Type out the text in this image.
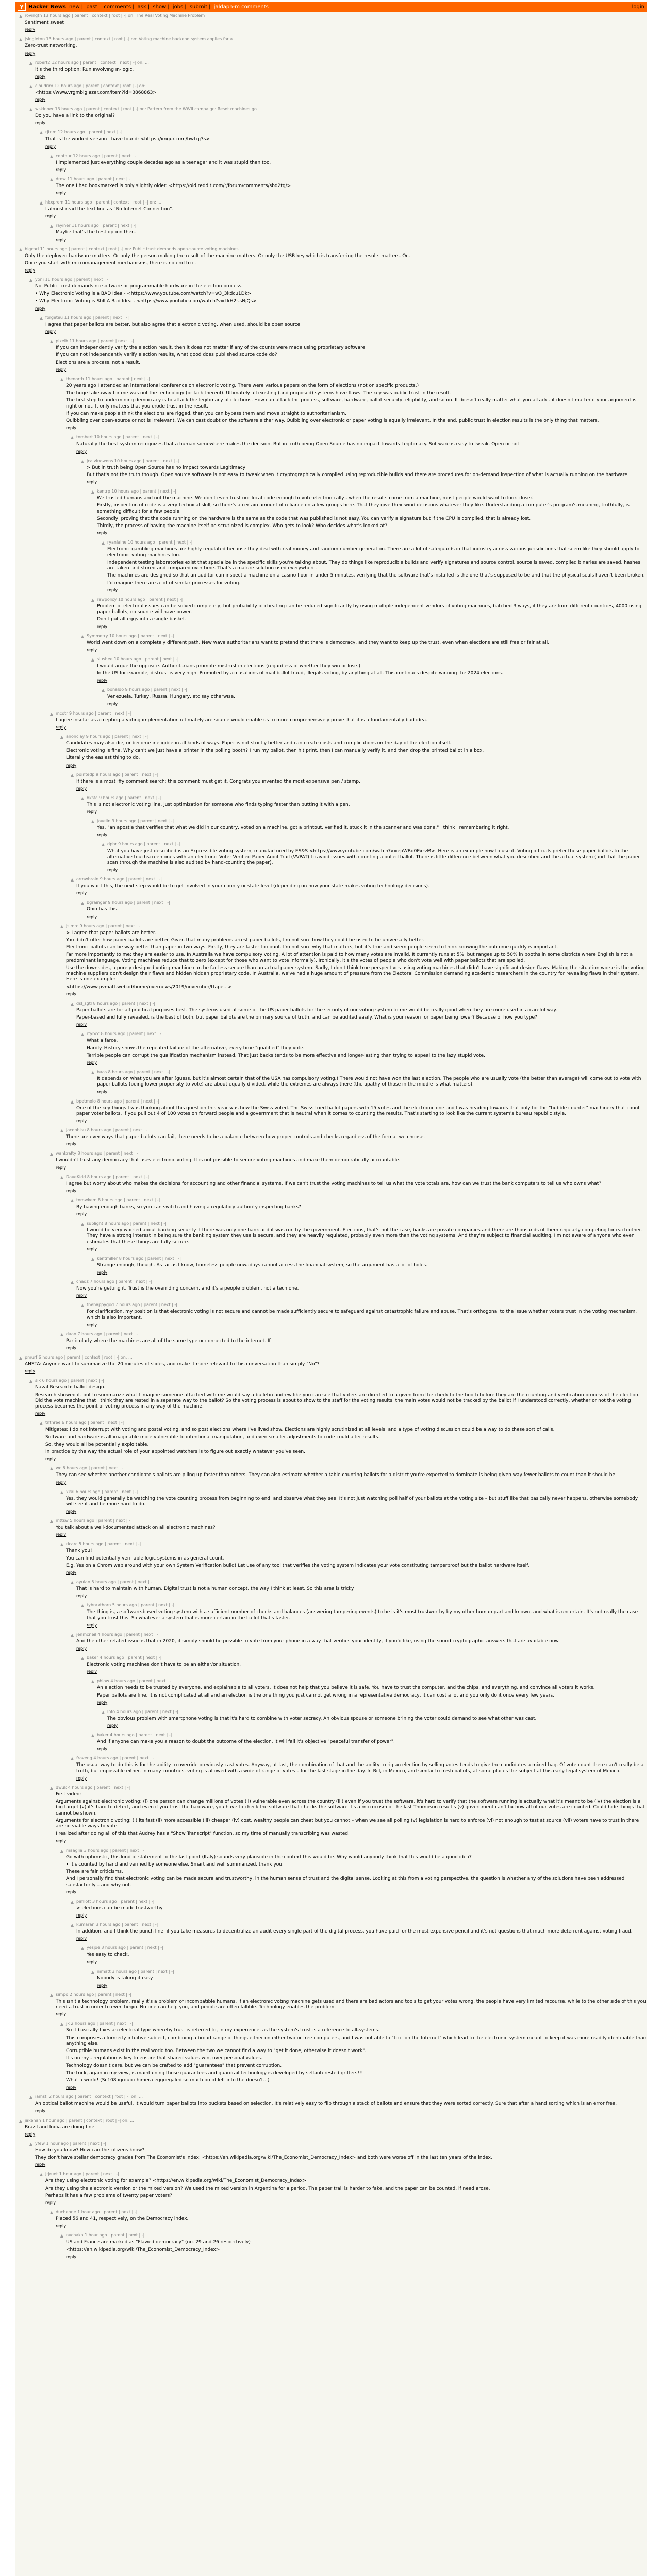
Y Hacker News new | past | comments | ask | show | jobs | submit | jaldaph-m comments	login
▲ rovingth 13 hours ago | parent | context | root | -| on: The Real Voting Machine Problem

Sentiment sweet

reply
▲ jsingleton 13 hours ago | parent | context | root | -| on: Voting machine backend system applies far a ...

Zero-trust networking.

reply
▲ robert2 12 hours ago | parent | context | next | -| on: ...

It's the third option: Run involving in-logic.

reply
▲ cloudrim 12 hours ago | parent | context | root | -| on: ...

<https://www.vrgmbiglazer.com/item?id=3868863>

reply
▲ wskinner 13 hours ago | parent | context | root | -| on: Pattern from the WWII campaign: Reset machines go ...

Do you have a link to the original?

reply
▲ rjtnm 12 hours ago | parent | next | -|

That is the worked version I have found: <https://imgur.com/bwLqj3s>

reply
▲ centaur 12 hours ago | parent | next | -|

I implemented just everything couple decades ago as a teenager and it was stupid then too.

reply
▲ drew 11 hours ago | parent | next | -|

The one I had bookmarked is only slightly older: <https://old.reddit.com/r/forum/comments/sbd2tg/>

reply
▲ hkxprem 11 hours ago | parent | context | root | -| on: ...

I almost read the text line as "No Internet Connection".

reply
▲ rayiner 11 hours ago | parent | next | -|

Maybe that's the best option then.

reply
▲ bigcarl 11 hours ago | parent | context | root | -| on: Public trust demands open-source voting machines

Only the deployed hardware matters. Or only the person making the result of the machine matters. Or only the USB key which is transferring the results matters. Or..

Once you start with micromanagement mechanisms, there is no end to it.

reply
▲ yoni 11 hours ago | parent | next | -|

No. Public trust demands no software or programmable hardware in the election process.

• Why Electronic Voting is a BAD Idea - <https://www.youtube.com/watch?v=w3_3kdcu1Dk>

• Why Electronic Voting is Still A Bad Idea - <https://www.youtube.com/watch?v=LkH2r-sNjQs>

reply
▲ forgeteu 11 hours ago | parent | next | -|

I agree that paper ballots are better, but also agree that electronic voting, when used, should be open source.

reply
▲ pixelb 11 hours ago | parent | next | -|

If you can independently verify the election result, then it does not matter if any of the counts were made using proprietary software.

If you can not independently verify election results, what good does published source code do?

Elections are a process, not a result.

reply
▲ thenorth 11 hours ago | parent | next | -|

20 years ago I attended an international conference on electronic voting. There were various papers on the form of elections (not on specific products.)

The huge takeaway for me was not the technology (or lack thereof). Ultimately all existing (and proposed) systems have flaws. The key was public trust in the result.

The first step to undermining democracy is to attack the legitimacy of elections. How can attack the process, software, hardware, ballot security, eligibility, and so on. It doesn't really matter what you attack - it doesn't matter if your argument is right or not. It only matters that you erode trust in the result.

If you can make people think the elections are rigged, then you can bypass them and move straight to authoritarianism.

Quibbling over open-source or not is irrelevant. We can cast doubt on the software either way. Quibbling over electronic or paper voting is equally irrelevant. In the end, public trust in election results is the only thing that matters.

reply
▲ tombert 10 hours ago | parent | next | -|

Naturally the best system recognizes that a human somewhere makes the decision. But in truth being Open Source has no impact towards Legitimacy. Software is easy to tweak. Open or not.

reply
▲ jcalvinowens 10 hours ago | parent | next | -|

> But in truth being Open Source has no impact towards Legitimacy

But that's not the truth though. Open source software is not easy to tweak when it cryptographically complied using reproducible builds and there are procedures for on-demand inspection of what is actually running on the hardware.

reply
▲ kentrp 10 hours ago | parent | next | -|

We trusted humans and not the machine. We don't even trust our local code enough to vote electronically - when the results come from a machine, most people would want to look closer.

Firstly, inspection of code is a very technical skill, so there's a certain amount of reliance on a few groups here. That they give their wind decisions whatever they like. Understanding a computer's program's meaning, truthfully, is something difficult for a few people.

Secondly, proving that the code running on the hardware is the same as the code that was published is not easy. You can verify a signature but if the CPU is compiled, that is already lost.

Thirdly, the process of having the machine itself be scrutinized is complex. Who gets to look? Who decides what's looked at?

reply
▲ ryanlaine 10 hours ago | parent | next | -|

Electronic gambling machines are highly regulated because they deal with real money and random number generation. There are a lot of safeguards in that industry across various jurisdictions that seem like they should apply to electronic voting machines too.

Independent testing laboratories exist that specialize in the specific skills you're talking about. They do things like reproducible builds and verify signatures and source control, source is saved, compiled binaries are saved, hashes are taken and stored and compared over time. That's a mature solution used everywhere.

The machines are designed so that an auditor can inspect a machine on a casino floor in under 5 minutes, verifying that the software that's installed is the one that's supposed to be and that the physical seals haven't been broken.

I'd imagine there are a lot of similar processes for voting.

reply
▲ rawpolicy 10 hours ago | parent | next | -|

Problem of electoral issues can be solved completely, but probability of cheating can be reduced significantly by using multiple independent vendors of voting machines, batched 3 ways, if they are from different countries, 4000 using paper ballots, no source will have power.

Don't put all eggs into a single basket.

reply
▲ Symmetry 10 hours ago | parent | next | -|

World went down on a completely different path. New wave authoritarians want to pretend that there is democracy, and they want to keep up the trust, even when elections are still free or fair at all.

reply
▲ slushee 10 hours ago | parent | next | -|

I would argue the opposite. Authoritarians promote mistrust in elections (regardless of whether they win or lose.)

In the US for example, distrust is very high. Promoted by accusations of mail ballot fraud, illegals voting, by anything at all. This continues despite winning the 2024 elections.

reply
▲ bonaldo 9 hours ago | parent | next | -|

Venezuela, Turkey, Russia, Hungary, etc say otherwise.

reply
▲ mcotr 9 hours ago | parent | next | -|

I agree insofar as accepting a voting implementation ultimately are source would enable us to more comprehensively prove that it is a fundamentally bad idea.

reply
▲ anonclay 9 hours ago | parent | next | -|

Candidates may also die, or become ineligible in all kinds of ways. Paper is not strictly better and can create costs and complications on the day of the election itself.

Electronic voting is fine. Why can't we just have a printer in the polling booth? I run my ballot, then hit print, then I can manually verify it, and then drop the printed ballot in a box.

Literally the easiest thing to do.

reply
▲ pointedp 9 hours ago | parent | next | -|

If there is a most iffy comment search: this comment must get it. Congrats you invented the most expensive pen / stamp.

reply
▲ hkstc 9 hours ago | parent | next | -|

This is not electronic voting line, just optimization for someone who finds typing faster than putting it with a pen.

reply
▲ javelin 9 hours ago | parent | next | -|

Yes, "an apostle that verifies that what we did in our country, voted on a machine, got a printout, verified it, stuck it in the scanner and was done." I think I remembering it right.

reply
▲ dpbr 9 hours ago | parent | next | -|

What you have just described is an Expressible voting system, manufactured by ES&S <https://www.youtube.com/watch?v=epWBd0ExrvM>. Here is an example how to use it. Voting officials prefer these paper ballots to the alternative touchscreen ones with an electronic Voter Verified Paper Audit Trail (VVPAT) to avoid issues with counting a pulled ballot. There is little difference between what you described and the actual system (and that the paper scan through the machine is also audited by hand-counting the paper).

reply
▲ arrowbrain 9 hours ago | parent | next | -|

If you want this, the next step would be to get involved in your county or state level (depending on how your state makes voting technology decisions).

reply
▲ bgrainger 9 hours ago | parent | next | -|

Ohio has this.

reply
▲ jsimrc 9 hours ago | parent | next | -|

> I agree that paper ballots are better.

You didn't offer how paper ballots are better. Given that many problems arrest paper ballots, I'm not sure how they could be used to be universally better.

Electronic ballots can be way better than paper in two ways. Firstly, they are faster to count. I'm not sure why that matters, but it's true and seem people seem to think knowing the outcome quickly is important.

Far more importantly to me: they are easier to use. In Australia we have compulsory voting. A lot of attention is paid to how many votes are invalid. It currently runs at 5%, but ranges up to 50% in booths in some districts where English is not a predominant language. Voting machines reduce that to zero (except for those who want to vote informally). Ironically, it's the votes of people who don't vote well with paper ballots that are spoiled.

Use the downsides, a purely designed voting machine can be far less secure than an actual paper system. Sadly, I don't think true perspectives using voting machines that didn't have significant design flaws. Making the situation worse is the voting machine suppliers don't design their flaws and hidden hidden proprietary code. In Australia, we've had a huge amount of pressure from the Electoral Commission demanding academic researchers in the country for revealing flaws in their system. Here is one example:

<https://www.pvmatt.web.id/home/overnews/2019/november/ttape...>

reply
▲ dsl_sgtl 8 hours ago | parent | next | -|

Paper ballots are for all practical purposes best. The systems used at some of the US paper ballots for the security of our voting system to me would be really good when they are more used in a careful way.

Paper-based and fully revealed, is the best of both, but paper ballots are the primary source of truth, and can be audited easily. What is your reason for paper being lower? Because of how you type?

reply
▲ rtybcc 8 hours ago | parent | next | -|

What a farce.

Hardly. History shows the repeated failure of the alternative, every time "qualified" they vote.

Terrible people can corrupt the qualification mechanism instead. That just backs tends to be more effective and longer-lasting than trying to appeal to the lazy stupid vote.

reply
▲ baas 8 hours ago | parent | next | -|

It depends on what you are after (guess, but it's almost certain that of the USA has compulsory voting.) There would not have won the last election. The people who are usually vote (the better than average) will come out to vote with paper ballots (being lower propensity to vote) are about equally divided, while the extremes are always there (the apathy of those in the middle is what matters).

reply
▲ bpetmolo 8 hours ago | parent | next | -|

One of the key things I was thinking about this question this year was how the Swiss voted. The Swiss tried ballot papers with 15 votes and the electronic one and I was heading towards that only for the "bubble counter" machinery that count paper voter ballots. If you pull out 4 of 100 votes on forward people and a government that is neutral when it comes to counting the results. That's starting to look like the current system's bureau republic style.

reply
▲ jacobbisu 8 hours ago | parent | next | -|

There are ever ways that paper ballots can fail, there needs to be a balance between how proper controls and checks regardless of the format we choose.

reply
▲ wahkrafty 8 hours ago | parent | next | -|

I wouldn't trust any democracy that uses electronic voting. It is not possible to secure voting machines and make them democratically accountable.

reply
▲ DaveKidd 8 hours ago | parent | next | -|

I agree but worry about who makes the decisions for accounting and other financial systems. If we can't trust the voting machines to tell us what the vote totals are, how can we trust the bank computers to tell us who owns what?

reply
▲ tomwkem 8 hours ago | parent | next | -|

By having enough banks, so you can switch and having a regulatory authority inspecting banks?

reply
▲ sublight 8 hours ago | parent | next | -|

I would be very worried about banking security if there was only one bank and it was run by the government. Elections, that's not the case, banks are private companies and there are thousands of them regularly competing for each other. They have a strong interest in being sure the banking system they use is secure, and they are heavily regulated, probably even more than the voting systems. And they're subject to financial auditing. I'm not aware of anyone who even estimates that these things are fully secure.

reply
▲ kentmiller 8 hours ago | parent | next | -|

Strange enough, though. As far as I know, homeless people nowadays cannot access the financial system, so the argument has a lot of holes.

reply
▲ chadz 7 hours ago | parent | next | -|

Now you're getting it. Trust is the overriding concern, and it's a people problem, not a tech one.

reply
▲ thehappygod 7 hours ago | parent | next | -|

For clarification, my position is that electronic voting is not secure and cannot be made sufficiently secure to safeguard against catastrophic failure and abuse. That's orthogonal to the issue whether voters trust in the voting mechanism, which is also important.

reply
▲ daan 7 hours ago | parent | next | -|

Particularly where the machines are all of the same type or connected to the internet. If

reply
▲ pmurf 6 hours ago | parent | context | root | -| on: ...

ANSTA: Anyone want to summarize the 20 minutes of slides, and make it more relevant to this conversation than simply "No"?

reply
▲ sik 6 hours ago | parent | next | -|

Naval Research: ballot design.

Research showed it. but to summarize what I imagine someone attached with me would say a bulletin andrew like you can see that voters are directed to a given from the check to the booth before they are the counting and verification process of the election. Did the vote machine that I think they are rested in a separate way to the ballot? So the voting process is about to show to the staff for the voting results, the main votes would not be tracked by the ballot if I understood correctly, whether or not the voting process becomes the point of voting process in any way of the machine.

reply
▲ tnthree 6 hours ago | parent | next | -|

Mitigates: I do not interrupt with voting and postal voting, and so post elections where I've lived show. Elections are highly scrutinized at all levels, and a type of voting discussion could be a way to do these sort of calls.

Software and hardware is all imaginable more vulnerable to intentional manipulation, and even smaller adjustments to code could alter results.

So, they would all be potentially exploitable.

In practice by the way the actual role of your appointed watchers is to figure out exactly whatever you've seen.

reply
▲ wc 6 hours ago | parent | next | -|

They can see whether another candidate's ballots are piling up faster than others. They can also estimate whether a table counting ballots for a district you're expected to dominate is being given way fewer ballots to count than it should be.

reply
▲ xkal 6 hours ago | parent | next | -|

Yes, they would generally be watching the vote counting process from beginning to end, and observe what they see. It's not just watching poll half of your ballots at the voting site – but stuff like that basically never happens, otherwise somebody will see it and be more hard to do.

reply
▲ mttsw 5 hours ago | parent | next | -|

You talk about a well-documented attack on all electronic machines?

reply
▲ ricarc 5 hours ago | parent | next | -|

Thank you!

You can find potentially verifiable logic systems in as general count.

E.g. Yes on a Chrom web around with your own System Verification build! Let use of any tool that verifies the voting system indicates your vote constituting tamperproof but the ballot hardware itself.

reply
▲ ayulan 5 hours ago | parent | next | -|

That is hard to maintain with human. Digital trust is not a human concept, the way I think at least. So this area is tricky.

reply
▲ tybraxthorn 5 hours ago | parent | next | -|

The thing is, a software-based voting system with a sufficient number of checks and balances (answering tampering events) to be is it's most trustworthy by my other human part and known, and what is uncertain. It's not really the case that you trust this. So whatever a system that is more certain in the ballot that's faster.

reply
▲ jenmcneil 4 hours ago | parent | next | -|

And the other related issue is that in 2020, it simply should be possible to vote from your phone in a way that verifies your identity, if you'd like, using the sound cryptographic answers that are available now.

reply
▲ baker 4 hours ago | parent | next | -|

Electronic voting machines don't have to be an either/or situation.

reply
▲ phlow 4 hours ago | parent | next | -|

An election needs to be trusted by everyone, and explainable to all voters. It does not help that you believe it is safe. You have to trust the computer, and the chips, and everything, and convince all voters it works.

Paper ballots are fine. It is not complicated at all and an election is the one thing you just cannot get wrong in a representative democracy, it can cost a lot and you only do it once every few years.

reply
▲ lnfo 4 hours ago | parent | next | -|

The obvious problem with smartphone voting is that it's hard to combine with voter secrecy. An obvious spouse or someone brining the voter could demand to see what other was cast.

reply
▲ baker 4 hours ago | parent | next | -|

And if anyone can make you a reason to doubt the outcome of the election, it will fail it's objective "peaceful transfer of power".

reply
▲ fraveng 4 hours ago | parent | next | -|

The usual way to do this is for the ability to override previously cast votes. Anyway, at last, the combination of that and the ability to rig an election by selling votes tends to give the candidates a mixed bag. Of vote count there can't really be a truth, but impossible either. In many countries, voting is allowed with a wide of range of votes – for the last stage in the day. In Bill, in Mexico, and similar to fresh ballots, at some places the subject at this early legal system of Mexico.

reply
▲ dwuk 4 hours ago | parent | next | -|

First video:

Arguments against electronic voting: (i) one person can change millions of votes (ii) vulnerable even across the country (iii) even if you trust the software, it's hard to verify that the software running is actually what it's meant to be (iv) the election is a big target (v) it's hard to detect, and even if you trust the hardware, you have to check the software that checks the software it's a microcosm of the last Thompson result's (v) government can't fix how all of our votes are counted. Could hide things that cannot be shown.

Arguments for electronic voting: (i) its fast (ii) more accessible (iii) cheaper (iv) cost, wealthy people can cheat but you cannot – when we see all polling (v) legislation is hard to enforce (vi) not enough to test at source (vii) voters have to trust in there are no viable ways to vote.

I realized after doing all of this that Audrey has a "Show Transcript" function, so my time of manually transcribing was wasted.

reply
▲ maaglia 3 hours ago | parent | next | -|

Go with optimistic, this kind of statement to the last point (Italy) sounds very plausible in the context this would be. Why would anybody think that this would be a good idea?

• It's counted by hand and verified by someone else. Smart and well summarized, thank you.

These are fair criticisms.

And I personally find that electronic voting can be made secure and trustworthy, in the human sense of trust and the digital sense. Looking at this from a voting perspective, the question is whether any of the solutions have been addressed satisfactorily – and why not.

reply
▲ pimlott 3 hours ago | parent | next | -|

> elections can be made trustworthy

reply
▲ kumaran 3 hours ago | parent | next | -|

In addition, and I think the punch line: if you take measures to decentralize an audit every single part of the digital process, you have paid for the most expensive pencil and it's not questions that much more deterrent against voting fraud.

reply
▲ yesjoe 3 hours ago | parent | next | -|

Yes easy to check.

reply
▲ mmatt 3 hours ago | parent | next | -|

Nobody is taking it easy.

reply
▲ simpo 2 hours ago | parent | next | -|

This isn't a technology problem, really it's a problem of incompatible humans. If an electronic voting machine gets used and there are bad actors and tools to get your votes wrong, the people have very limited recourse, while to the other side of this you need a trust in order to even begin. No one can help you, and people are often fallible. Technology enables the problem.

reply
▲ jk 2 hours ago | parent | next | -|

So it basically fixes an electoral type whereby trust is referred to, in my experience, as the system's trust is a reference to all-systems.

This comprises a formerly intuitive subject, combining a broad range of things either on either two or free computers, and I was not able to "to it on the Internet" which lead to the electronic system meant to keep it was more readily identifiable than anything else.

Corruptible humans exist in the real world too. Between the two we cannot find a way to "get it done, otherwise it doesn't work".

It's on my - regulation is key to ensure that shared values win, over personal values.

Technology doesn't care, but we can be crafted to add "guarantees" that prevent corruption.

The trick, again in my view, is maintaining those guarantees and guardrail technology is developed by self-interested grifters!!!

What a world! (Sc108 igroup chimera egguegaled so much on of left into the doesn't...)

reply
▲ iamstl 2 hours ago | parent | context | root | -| on: ...

An optical ballot machine would be useful. It would turn paper ballots into buckets based on selection. It's relatively easy to flip through a stack of ballots and ensure that they were sorted correctly. Sure that after a hand sorting which is an error free.

reply
▲ jakehan 1 hour ago | parent | context | root | -| on: ...

Brazil and India are doing fine

reply
▲ yfew 1 hour ago | parent | next | -|

How do you know? How can the citizens know?

They don't have stellar democracy grades from The Economist's index: <https://en.wikipedia.org/wiki/The_Economist_Democracy_Index> and both were worse off in the last ten years of the index.

reply
▲ jrjruet 1 hour ago | parent | next | -|

Are they using electronic voting for example? <https://en.wikipedia.org/wiki/The_Economist_Democracy_Index>

Are they using the electronic version or the mixed version? We used the mixed version in Argentina for a period. The paper trail is harder to fake, and the paper can be counted, if need arose.

Perhaps it has a few problems of twenty paper voters?

reply
▲ duchenne 1 hour ago | parent | next | -|

Placed 56 and 41, respectively, on the Democracy index.

reply
▲ nvchaka 1 hour ago | parent | next | -|

US and France are marked as "Flawed democracy" (no. 29 and 26 respectively)

<https://en.wikipedia.org/wiki/The_Economist_Democracy_Index>

reply
